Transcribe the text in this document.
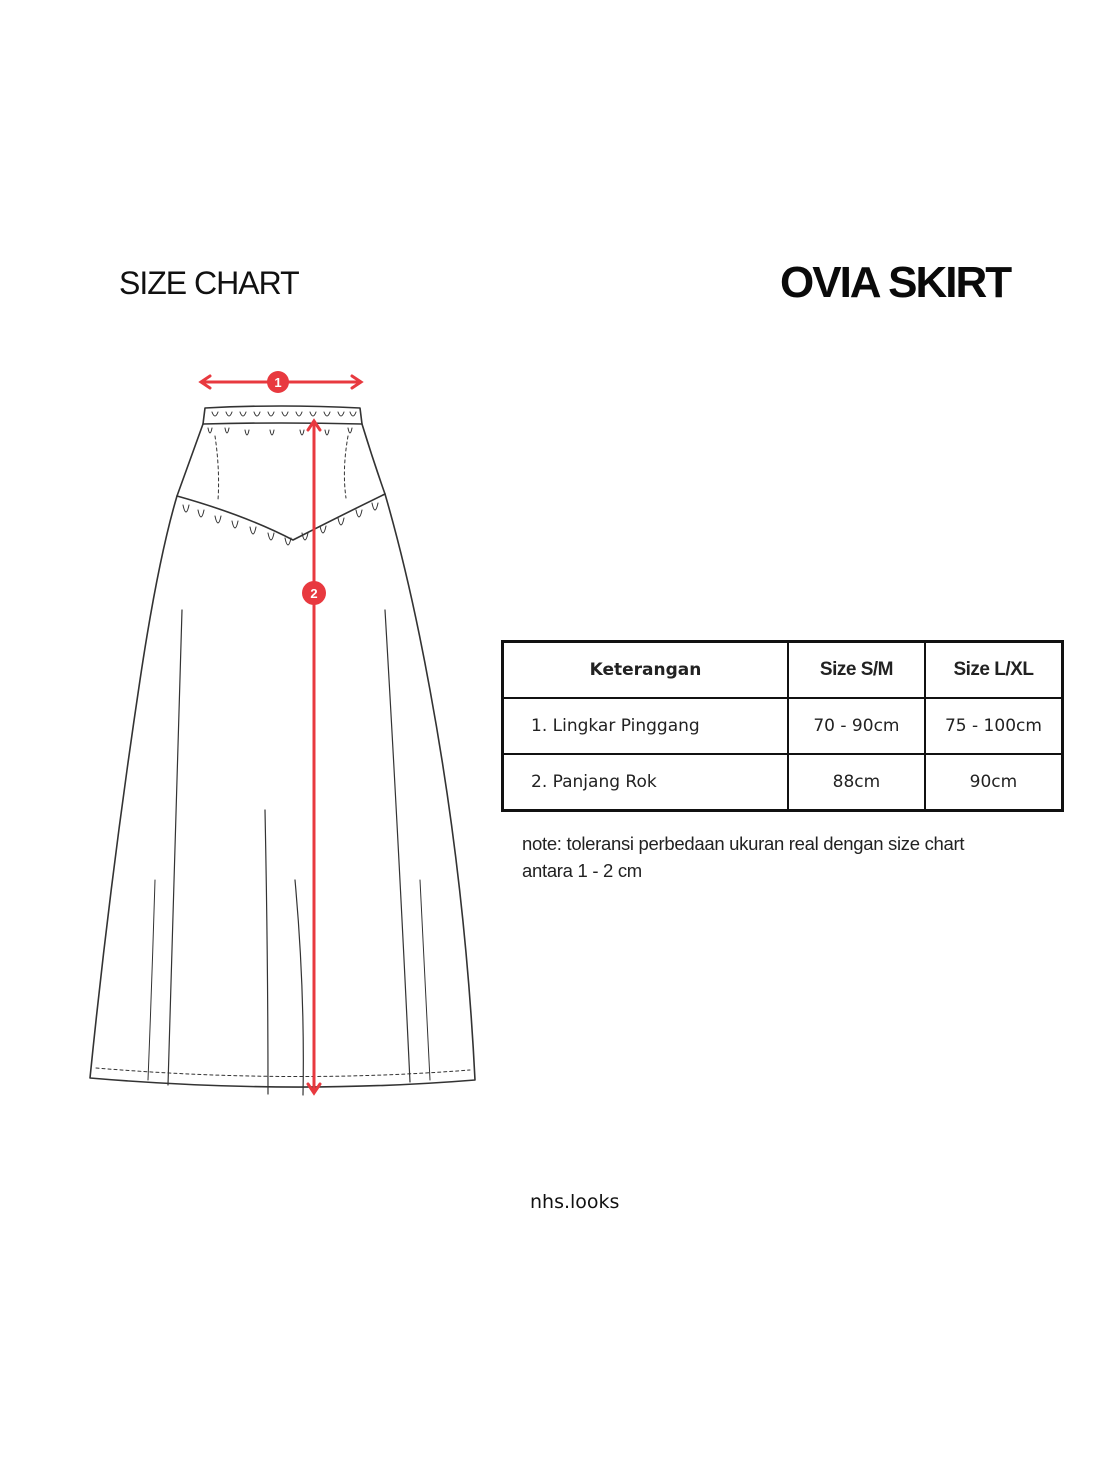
SIZE CHART	OVIA SKIRT
1
2
Keterangan	Size S/M	Size L/XL
1. Lingkar Pinggang	70 - 90cm	75 - 100cm
2. Panjang Rok	88cm	90cm
note: toleransi perbedaan ukuran real dengan size chart
antara 1 - 2 cm
nhs.looks
